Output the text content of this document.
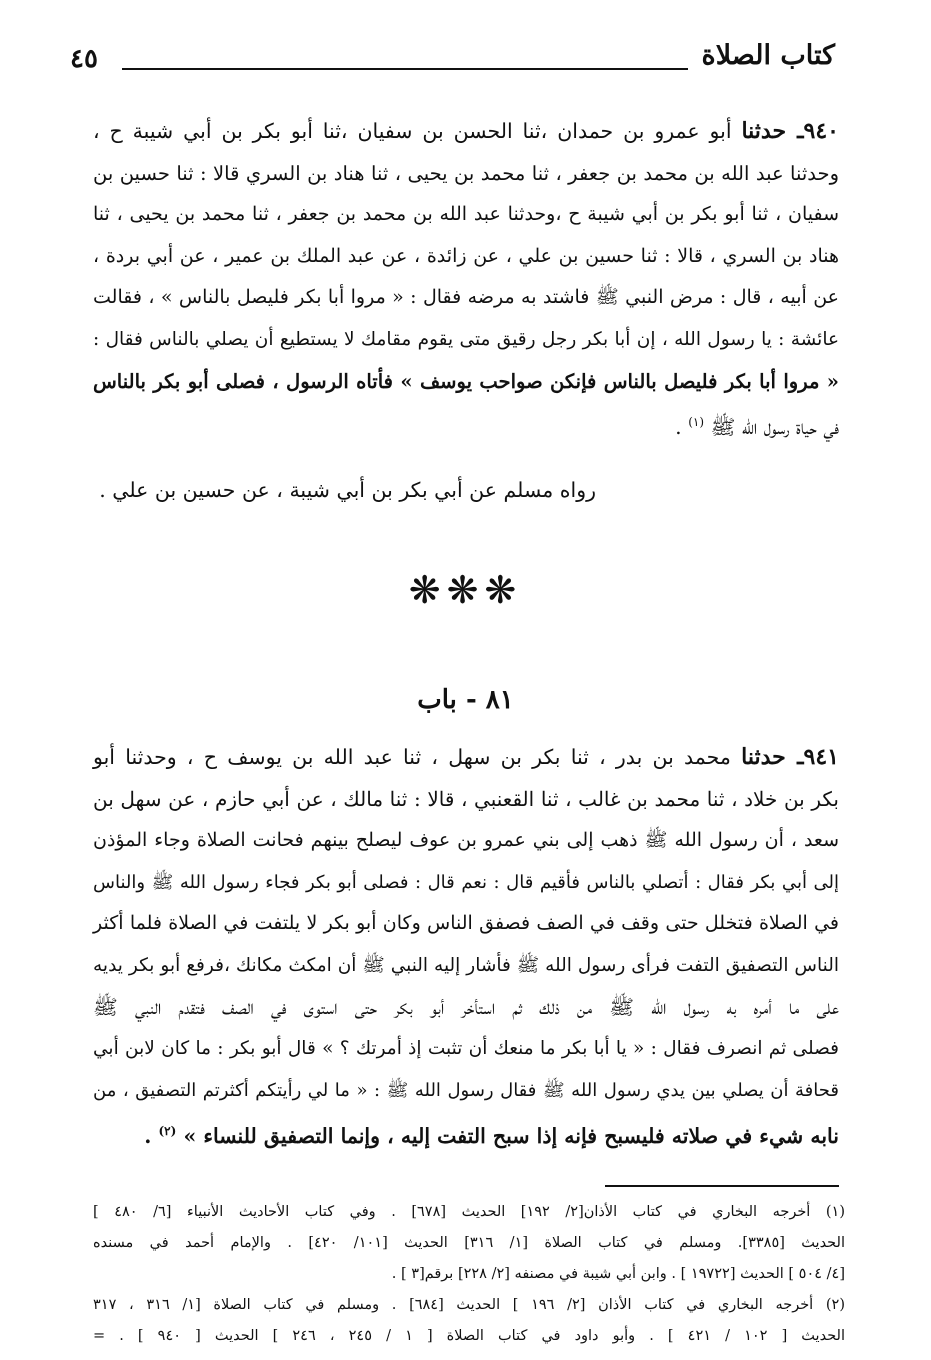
كتاب الصلاة
٤٥
٩٤٠ـ حدثنا أبو عمرو بن حمدان ،ثنا الحسن بن سفيان ،ثنا أبو بكر بن أبي شيبة ح ،
وحدثنا عبد الله بن محمد بن جعفر ، ثنا محمد بن يحيى ، ثنا هناد بن السري قالا : ثنا حسين بن
سفيان ، ثنا أبو بكر بن أبي شيبة ح ،وحدثنا عبد الله بن محمد بن جعفر ، ثنا محمد بن يحيى ، ثنا
هناد بن السري ، قالا : ثنا حسين بن علي ، عن زائدة ، عن عبد الملك بن عمير ، عن أبي بردة ،
عن أبيه ، قال : مرض النبي ﷺ فاشتد به مرضه فقال : « مروا أبا بكر فليصل بالناس » ، فقالت
عائشة : يا رسول الله ، إن أبا بكر رجل رقيق متى يقوم مقامك لا يستطيع أن يصلي بالناس فقال :
« مروا أبا بكر فليصل بالناس فإنكن صواحب يوسف » فأتاه الرسول ، فصلى أبو بكر بالناس
في حياة رسول الله ﷺ $^{(١)}$ .
رواه مسلم عن أبي بكر بن أبي شيبة ، عن حسين بن علي .
❋❋❋
٨١ - باب
٩٤١ـ حدثنا محمد بن بدر ، ثنا بكر بن سهل ، ثنا عبد الله بن يوسف ح ، وحدثنا أبو
بكر بن خلاد ، ثنا محمد بن غالب ، ثنا القعنبي ، قالا : ثنا مالك ، عن أبي حازم ، عن سهل بن
سعد ، أن رسول الله ﷺ ذهب إلى بني عمرو بن عوف ليصلح بينهم فحانت الصلاة وجاء المؤذن
إلى أبي بكر فقال : أتصلي بالناس فأقيم قال : نعم قال : فصلى أبو بكر فجاء رسول الله ﷺ والناس
في الصلاة فتخلل حتى وقف في الصف فصفق الناس وكان أبو بكر لا يلتفت في الصلاة فلما أكثر
الناس التصفيق التفت فرأى رسول الله ﷺ فأشار إليه النبي ﷺ أن امكث مكانك ،فرفع أبو بكر يديه
على ما أمره به رسول الله ﷺ من ذلك ثم استأخر أبو بكر حتى استوى في الصف فتقدم النبي ﷺ
فصلى ثم انصرف فقال : « يا أبا بكر ما منعك أن تثبت إذ أمرتك ؟ » قال أبو بكر : ما كان لابن أبي
قحافة أن يصلي بين يدي رسول الله ﷺ فقال رسول الله ﷺ : « ما لي رأيتكم أكثرتم التصفيق ، من
نابه شيء في صلاته فليسبح فإنه إذا سبح التفت إليه ، وإنما التصفيق للنساء » $^{(٢)}$ .
(١) أخرجه البخاري في كتاب الأذان[٢/ ١٩٢] الحديث [٦٧٨] . وفي كتاب الأحاديث الأنبياء [٦/ ٤٨٠ ]
الحديث [٣٣٨٥]. ومسلم في كتاب الصلاة [١/ ٣١٦] الحديث [١٠١/ ٤٢٠] . والإمام أحمد في مسنده
[٤/ ٥٠٤ ] الحديث [١٩٧٢٢ ] . وابن أبي شيبة في مصنفه [٢/ ٢٢٨] برقم[٣ ] .
(٢) أخرجه البخاري في كتاب الأذان [٢/ ١٩٦ ] الحديث [٦٨٤] . ومسلم في كتاب الصلاة [١/ ٣١٦ ، ٣١٧
الحديث [ ١٠٢ / ٤٢١ ] . وأبو داود في كتاب الصلاة [ ١ / ٢٤٥ ، ٢٤٦ ] الحديث [ ٩٤٠ ] . =
